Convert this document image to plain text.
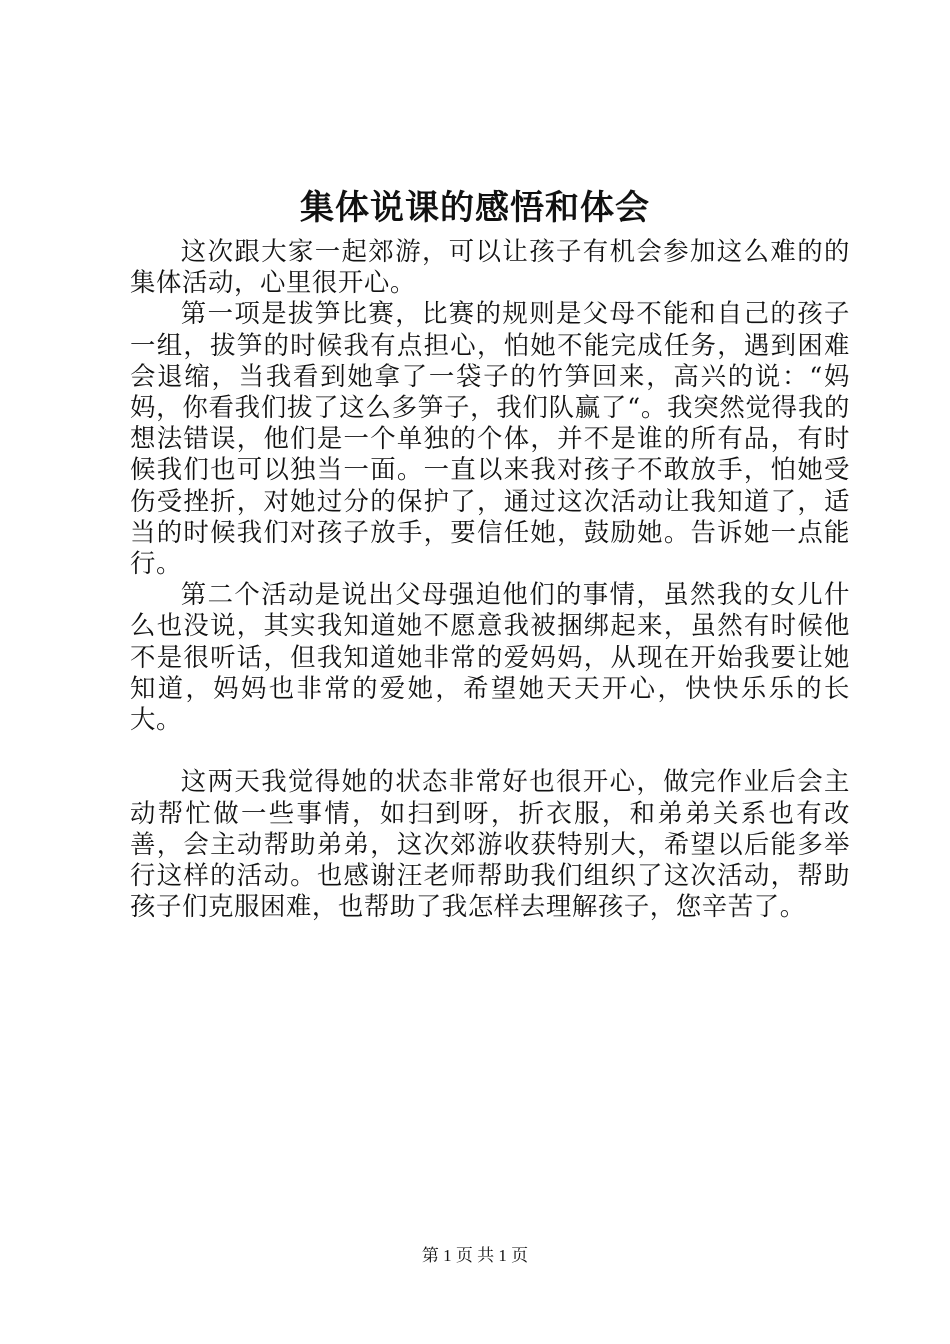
集体说课的感悟和体会

这次跟大家一起郊游，可以让孩子有机会参加这么难的的集体活动，心里很开心。

第一项是拔笋比赛，比赛的规则是父母不能和自己的孩子一组，拔笋的时候我有点担心，怕她不能完成任务，遇到困难会退缩，当我看到她拿了一袋子的竹笋回来，高兴的说：“妈妈，你看我们拔了这么多笋子，我们队赢了“。我突然觉得我的想法错误，他们是一个单独的个体，并不是谁的所有品，有时候我们也可以独当一面。一直以来我对孩子不敢放手，怕她受伤受挫折，对她过分的保护了，通过这次活动让我知道了，适当的时候我们对孩子放手，要信任她，鼓励她。告诉她一点能行。

第二个活动是说出父母强迫他们的事情，虽然我的女儿什么也没说，其实我知道她不愿意我被捆绑起来，虽然有时候他不是很听话，但我知道她非常的爱妈妈，从现在开始我要让她知道，妈妈也非常的爱她，希望她天天开心，快快乐乐的长大。

这两天我觉得她的状态非常好也很开心，做完作业后会主动帮忙做一些事情，如扫到呀，折衣服，和弟弟关系也有改善，会主动帮助弟弟，这次郊游收获特别大，希望以后能多举行这样的活动。也感谢汪老师帮助我们组织了这次活动，帮助孩子们克服困难，也帮助了我怎样去理解孩子，您辛苦了。

第 1 页 共 1 页
